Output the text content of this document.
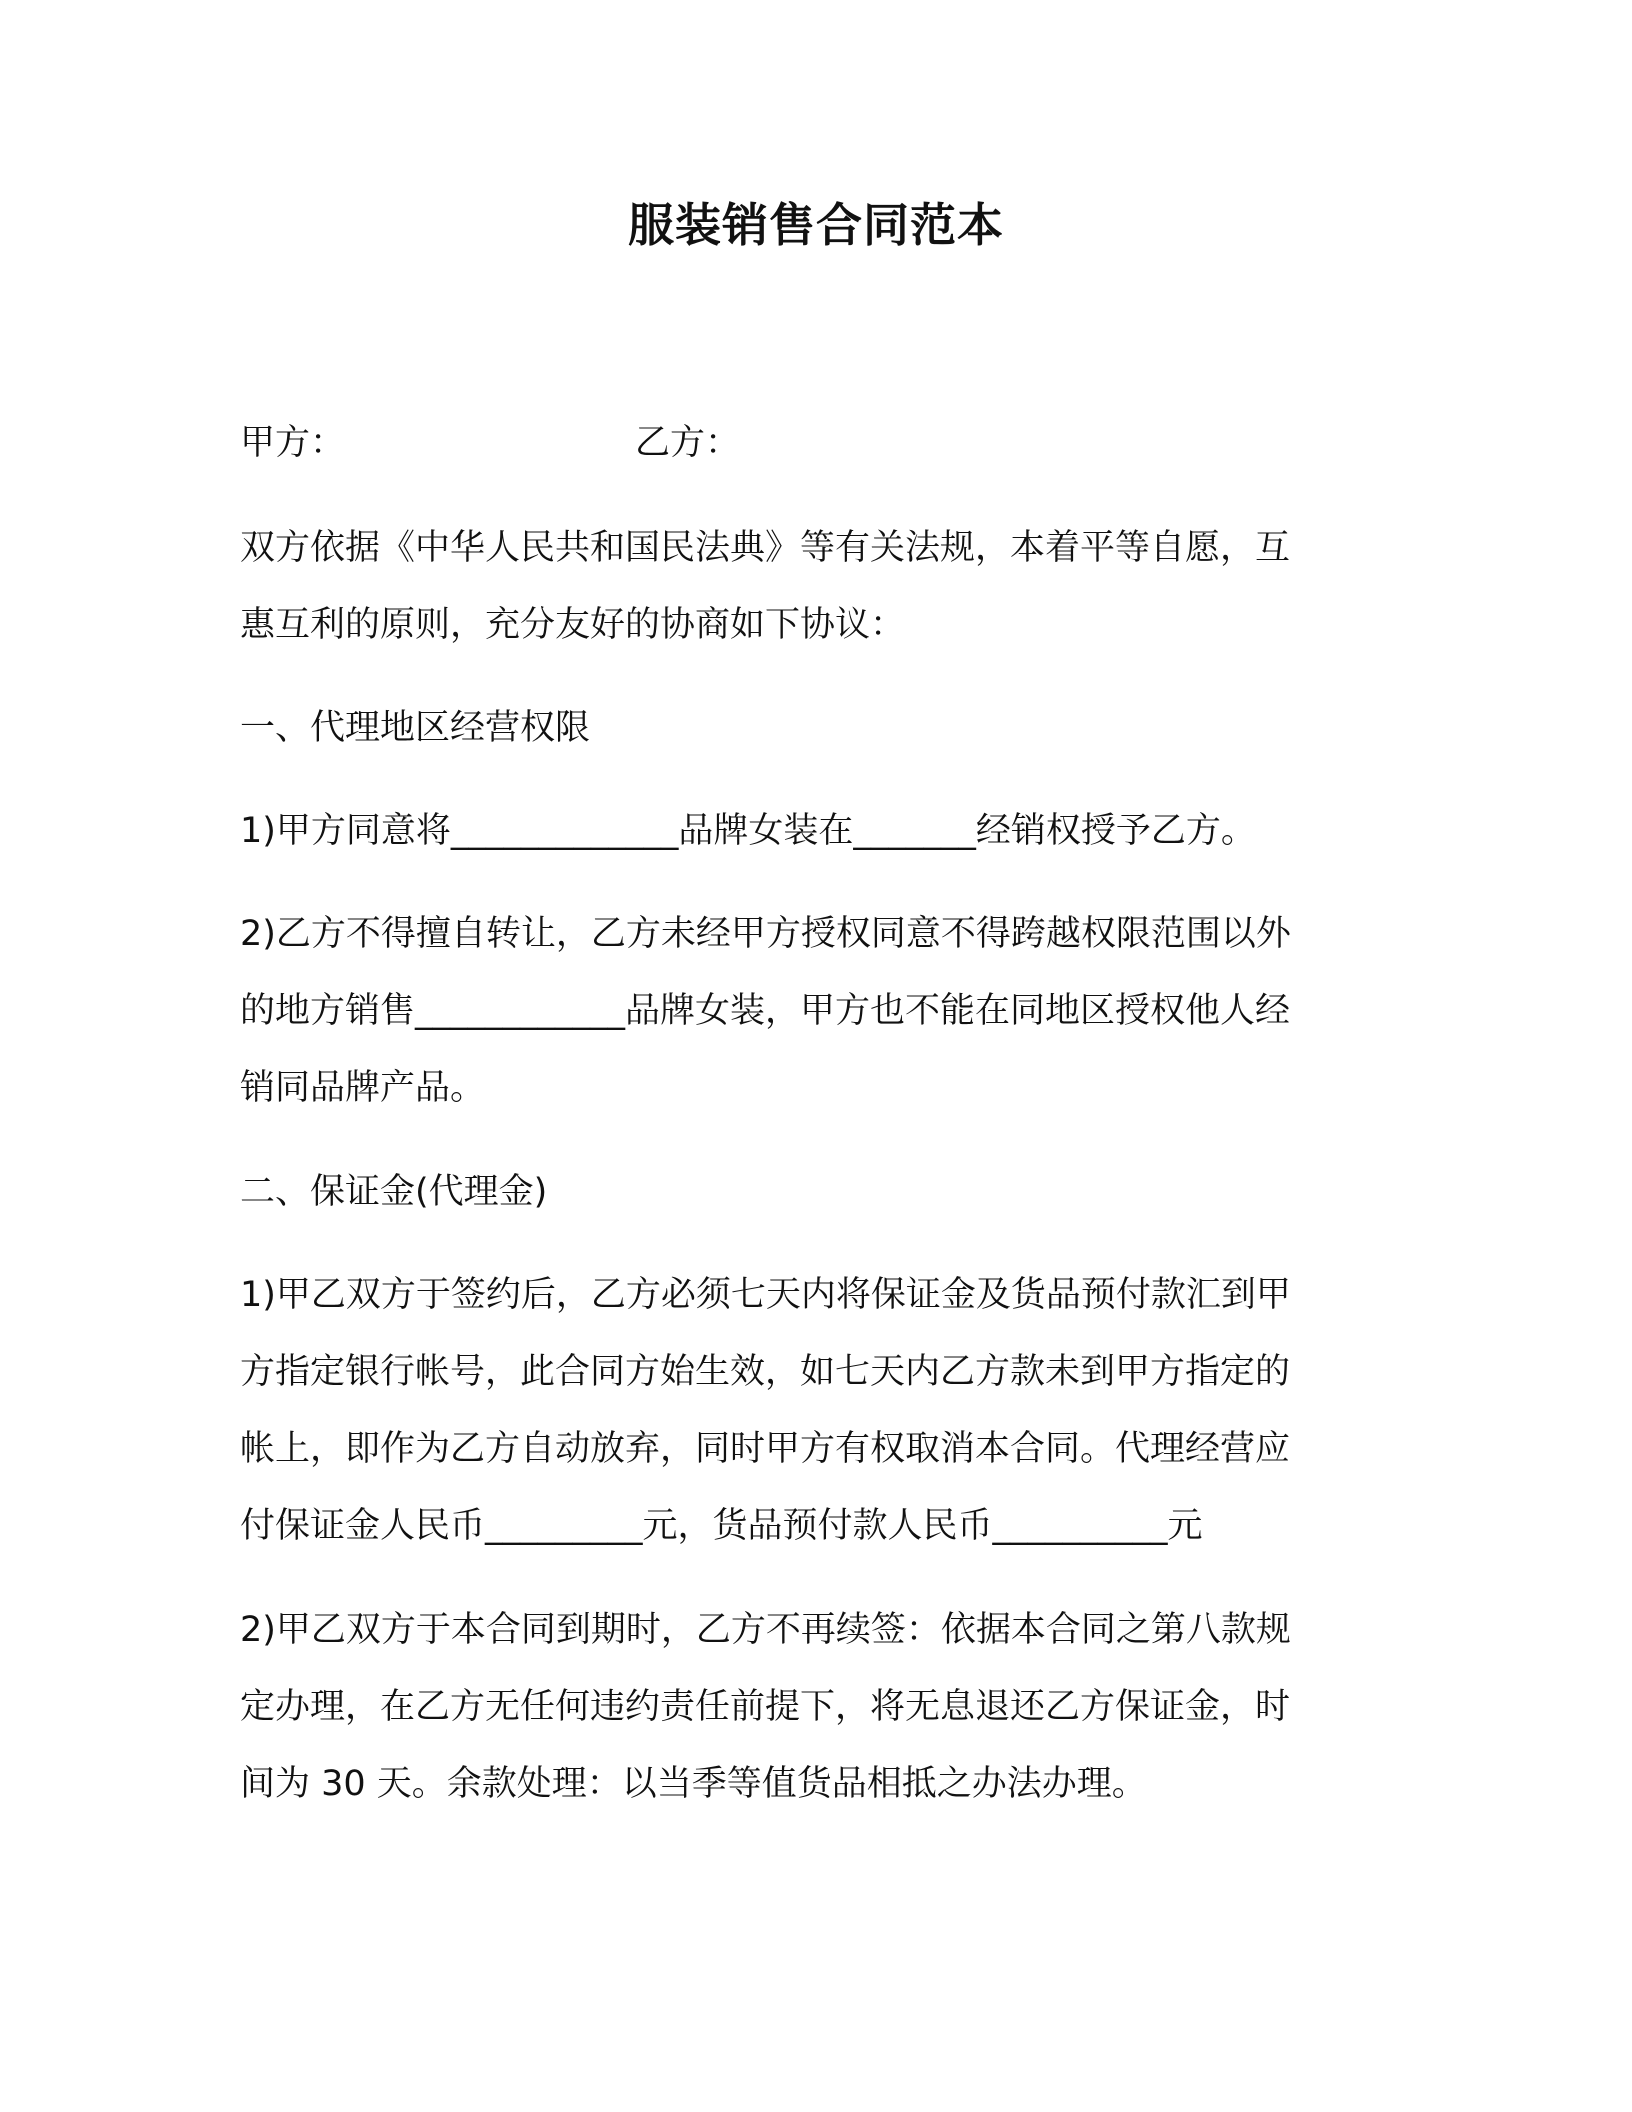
服装销售合同范本
甲方：	乙方：
双方依据《中华人民共和国民法典》等有关法规，本着平等自愿，互
惠互利的原则，充分友好的协商如下协议：
一、代理地区经营权限
1)甲方同意将_____________品牌女装在_______经销权授予乙方。
2)乙方不得擅自转让，乙方未经甲方授权同意不得跨越权限范围以外
的地方销售____________品牌女装，甲方也不能在同地区授权他人经
销同品牌产品。
二、保证金(代理金)
1)甲乙双方于签约后，乙方必须七天内将保证金及货品预付款汇到甲
方指定银行帐号，此合同方始生效，如七天内乙方款未到甲方指定的
帐上，即作为乙方自动放弃，同时甲方有权取消本合同。代理经营应
付保证金人民币_________元，货品预付款人民币__________元
2)甲乙双方于本合同到期时，乙方不再续签：依据本合同之第八款规
定办理，在乙方无任何违约责任前提下，将无息退还乙方保证金，时
间为 30 天。余款处理：以当季等值货品相抵之办法办理。
